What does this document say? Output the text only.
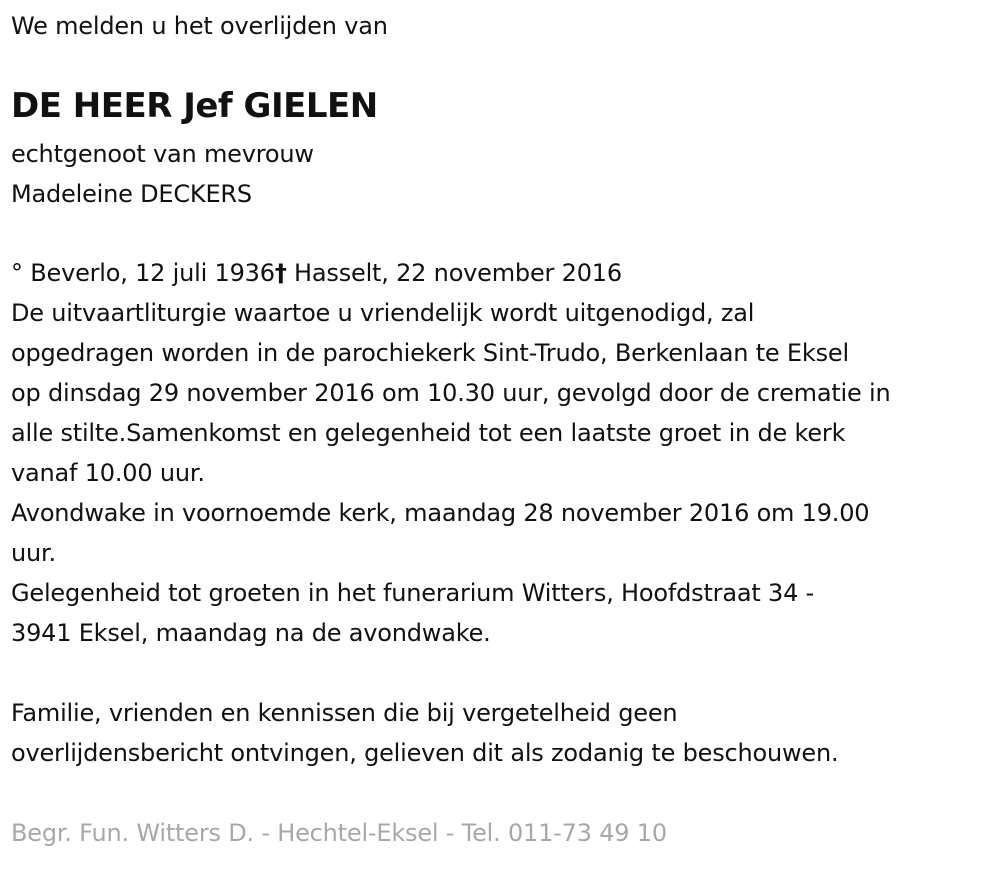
We melden u het overlijden van
DE HEER Jef GIELEN
echtgenoot van mevrouw
Madeleine DECKERS
° Beverlo, 12 juli 1936† Hasselt, 22 november 2016
De uitvaartliturgie waartoe u vriendelijk wordt uitgenodigd, zal
opgedragen worden in de parochiekerk Sint-Trudo, Berkenlaan te Eksel
op dinsdag 29 november 2016 om 10.30 uur, gevolgd door de crematie in
alle stilte.Samenkomst en gelegenheid tot een laatste groet in de kerk
vanaf 10.00 uur.
Avondwake in voornoemde kerk, maandag 28 november 2016 om 19.00
uur.
Gelegenheid tot groeten in het funerarium Witters, Hoofdstraat 34 -
3941 Eksel, maandag na de avondwake.
Familie, vrienden en kennissen die bij vergetelheid geen
overlijdensbericht ontvingen, gelieven dit als zodanig te beschouwen.
Begr. Fun. Witters D. - Hechtel-Eksel - Tel. 011-73 49 10
